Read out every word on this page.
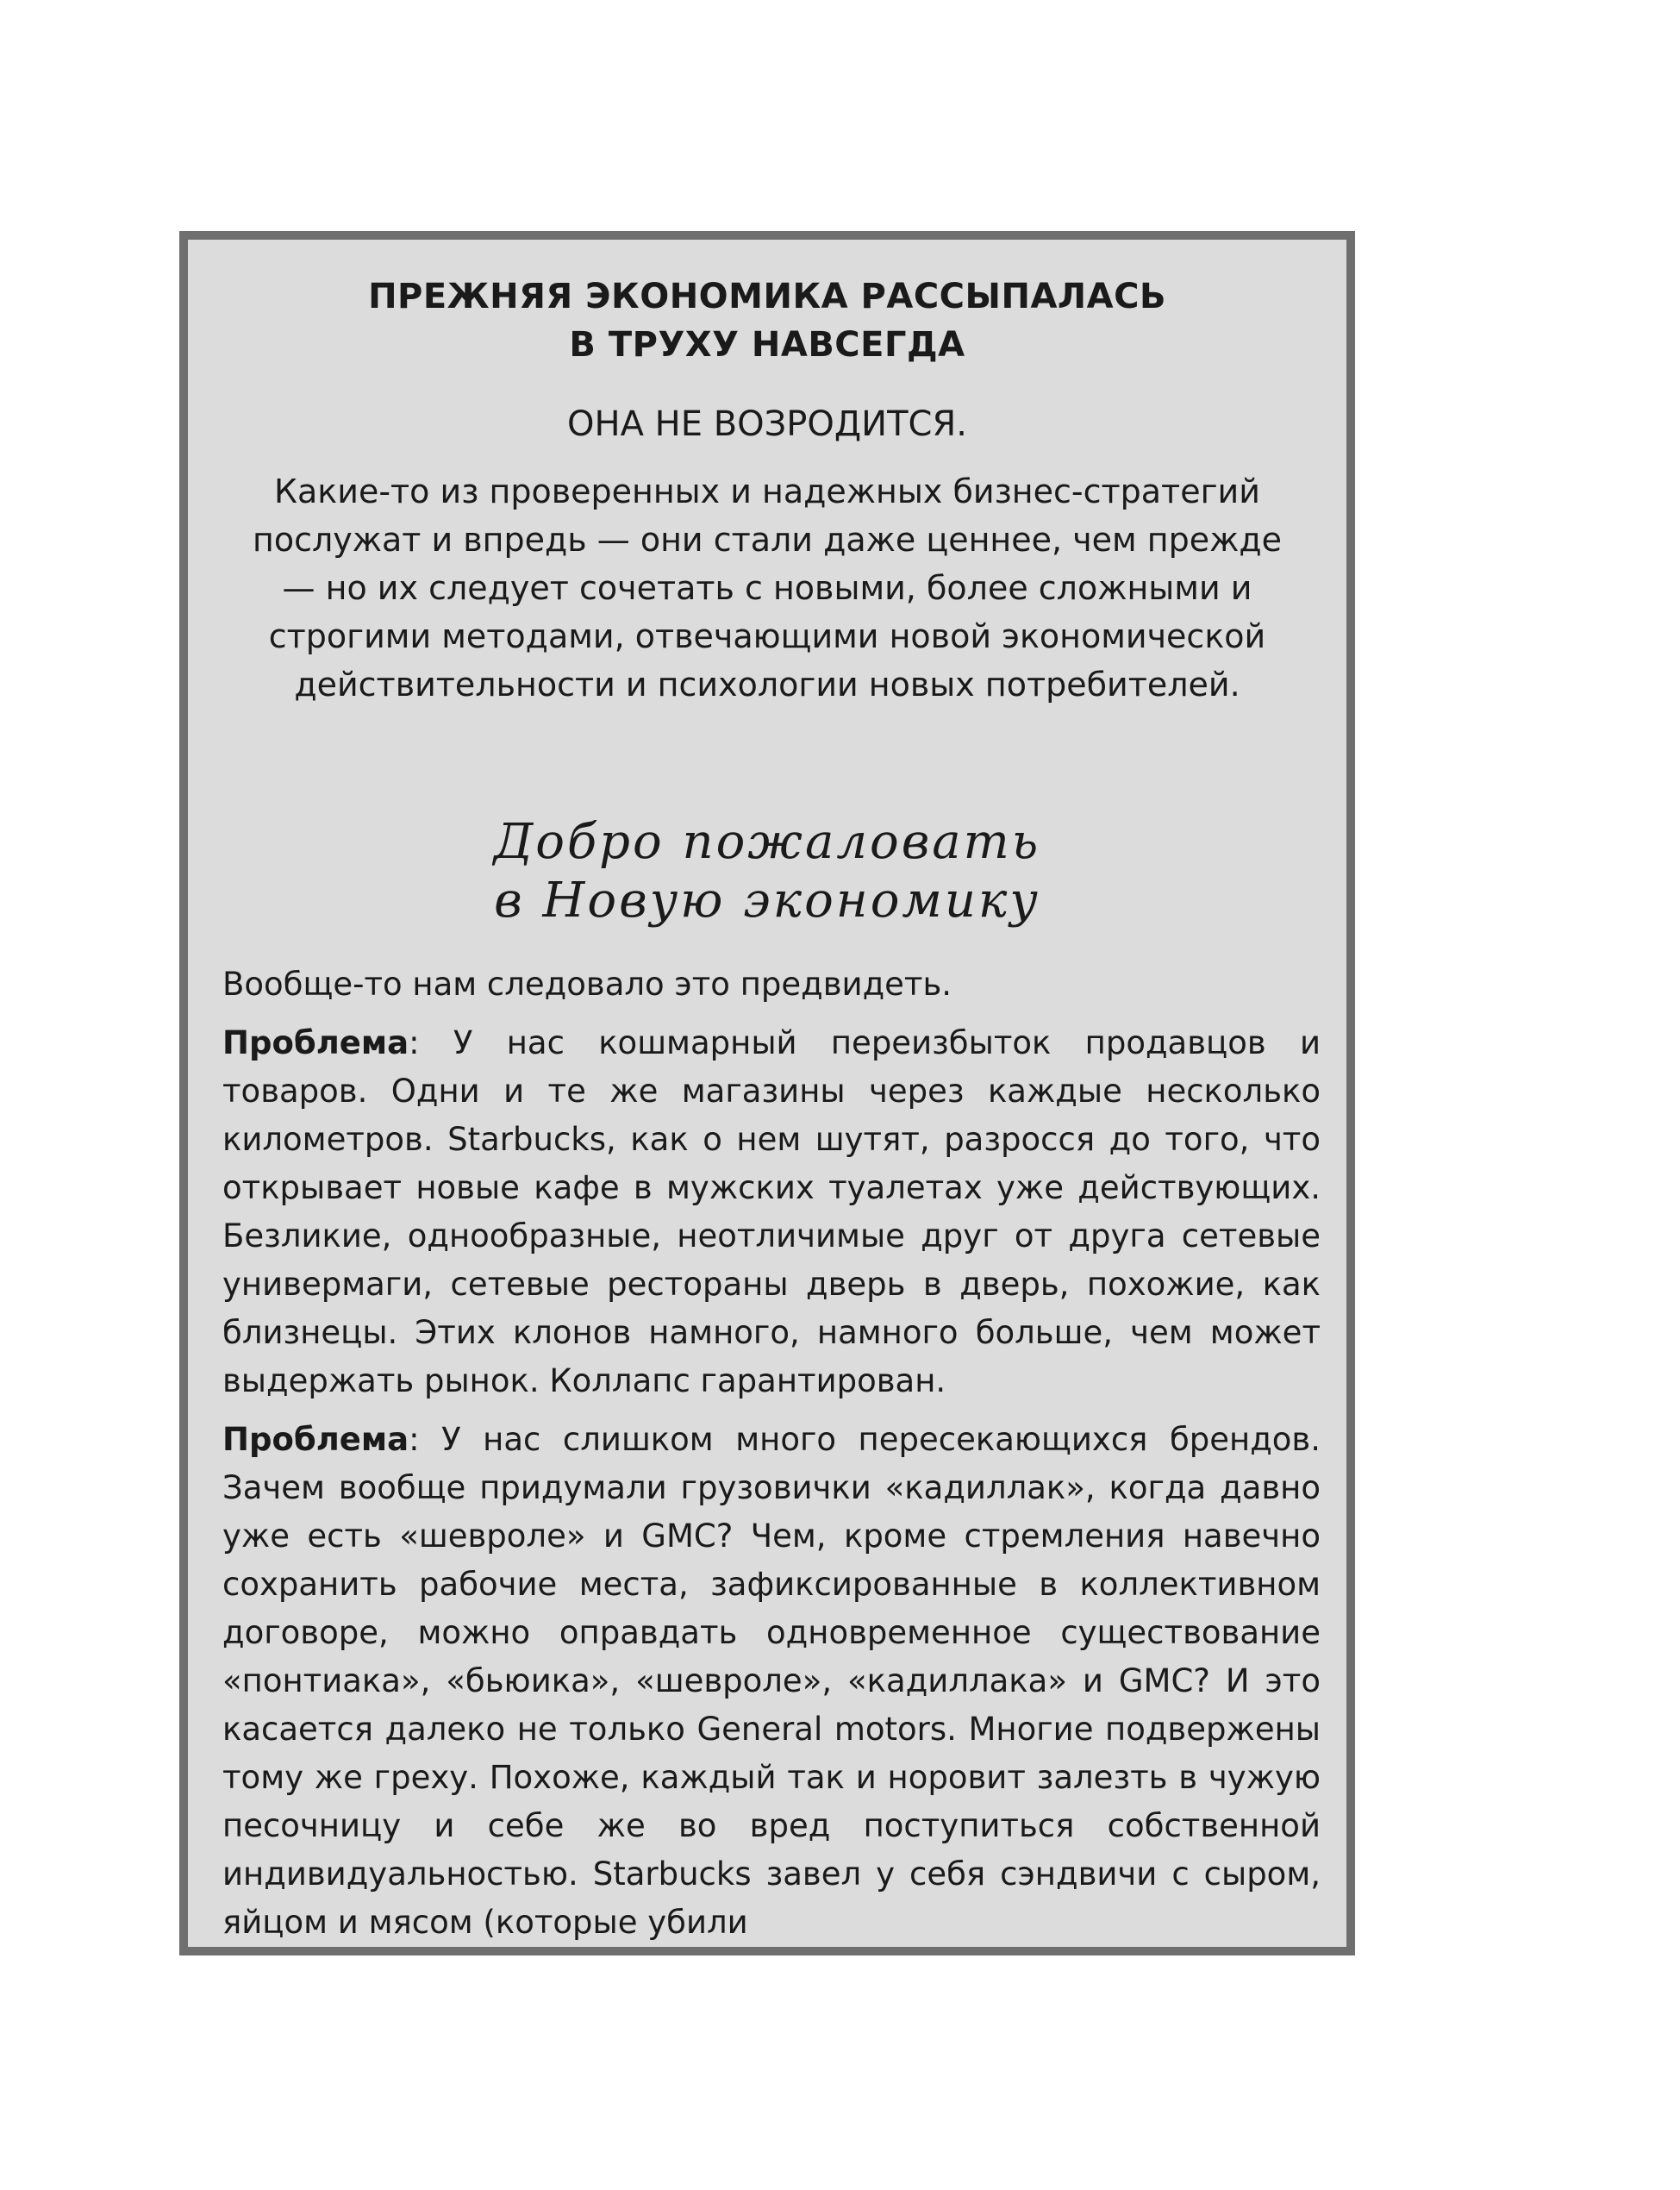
ПРЕЖНЯЯ ЭКОНОМИКА РАССЫПАЛАСЬ
В ТРУХУ НАВСЕГДА
ОНА НЕ ВОЗРОДИТСЯ.
Какие-то из проверенных и надежных бизнес-стратегий послужат и впредь — они стали даже ценнее, чем прежде — но их следует сочетать с новыми, более сложными и строгими методами, отвечающими новой экономической действительности и психологии новых потребителей.
Добро пожаловать
в Новую экономику

Вообще-то нам следовало это предвидеть.

Проблема: У нас кошмарный переизбыток продавцов и товаров. Одни и те же магазины через каждые несколько километров. Starbucks, как о нем шутят, разросся до того, что открывает новые кафе в мужских туалетах уже действующих. Безликие, однообразные, неотличимые друг от друга сетевые универмаги, сетевые рестораны дверь в дверь, похожие, как близнецы. Этих клонов намного, намного больше, чем может выдержать рынок. Коллапс гарантирован.

Проблема: У нас слишком много пересекающихся брендов. Зачем вообще придумали грузовички «кадиллак», когда давно уже есть «шевроле» и GMC? Чем, кроме стремления навечно сохранить рабочие места, зафиксированные в коллективном договоре, можно оправдать одновременное существование «понтиака», «бьюика», «шевроле», «кадиллака» и GMC? И это касается далеко не только General motors. Многие подвержены тому же греху. Похоже, каждый так и норовит залезть в чужую песочницу и себе же во вред поступиться собственной индивидуальностью. Starbucks завел у себя сэндвичи с сыром, яйцом и мясом (которые убили
